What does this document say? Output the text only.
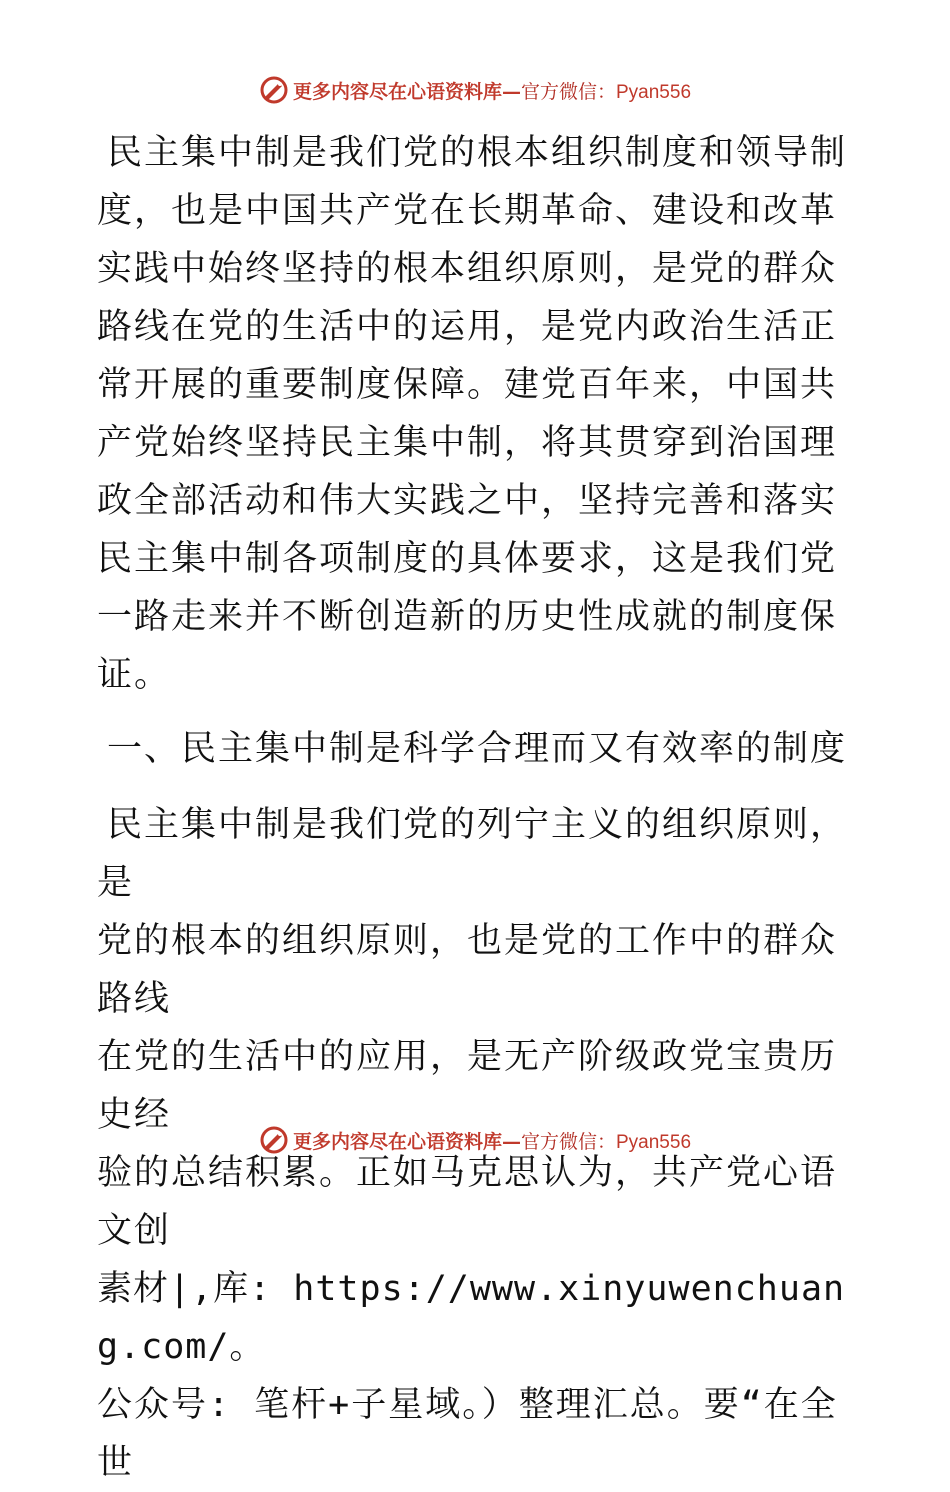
更多内容尽在心语资料库—官方微信：Pyan556

民主集中制是我们党的根本组织制度和领导制度，也是中国共产党在长期革命、建设和改革实践中始终坚持的根本组织原则，是党的群众路线在党的生活中的运用，是党内政治生活正常开展的重要制度保障。建党百年来，中国共产党始终坚持民主集中制，将其贯穿到治国理政全部活动和伟大实践之中，坚持完善和落实民主集中制各项制度的具体要求，这是我们党一路走来并不断创造新的历史性成就的制度保证。

一、民主集中制是科学合理而又有效率的制度

民主集中制是我们党的列宁主义的组织原则，是
党的根本的组织原则，也是党的工作中的群众路线
在党的生活中的应用，是无产阶级政党宝贵历史经
验的总结积累。正如马克思认为，共产党心语文创
素材|,库: https://www.xinyuwenchuang.com/。
公众号: 笔杆+子星域。）整理汇总。要“在全世
更多内容尽在心语资料库—官方微信：Pyan556
